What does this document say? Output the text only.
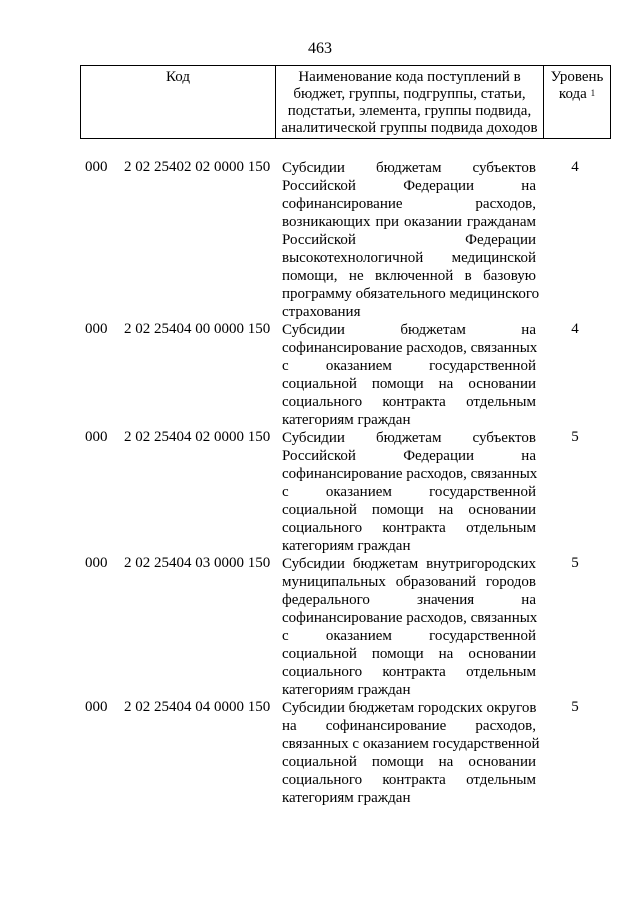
463
Код	Наименование кода поступлений в
бюджет, группы, подгруппы, статьи,
подстатьи, элемента, группы подвида,
аналитической группы подвида доходов
Уровень
кода $^1$
000 2 02 25402 02 0000 150 Субсидии бюджетам субъектов
Российской Федерации на
софинансирование расходов,
возникающих при оказании гражданам
Российской Федерации
высокотехнологичной медицинской
помощи, не включенной в базовую
программу обязательного медицинского
страхования
4
000 2 02 25404 00 0000 150 Субсидии бюджетам на
софинансирование расходов, связанных
с оказанием государственной
социальной помощи на основании
социального контракта отдельным
категориям граждан
4
000 2 02 25404 02 0000 150 Субсидии бюджетам субъектов
Российской Федерации на
софинансирование расходов, связанных
с оказанием государственной
социальной помощи на основании
социального контракта отдельным
категориям граждан
5
000 2 02 25404 03 0000 150 Субсидии бюджетам внутригородских
муниципальных образований городов
федерального значения на
софинансирование расходов, связанных
с оказанием государственной
социальной помощи на основании
социального контракта отдельным
категориям граждан
5
000 2 02 25404 04 0000 150 Субсидии бюджетам городских округов
на софинансирование расходов,
связанных с оказанием государственной
социальной помощи на основании
социального контракта отдельным
категориям граждан
5
